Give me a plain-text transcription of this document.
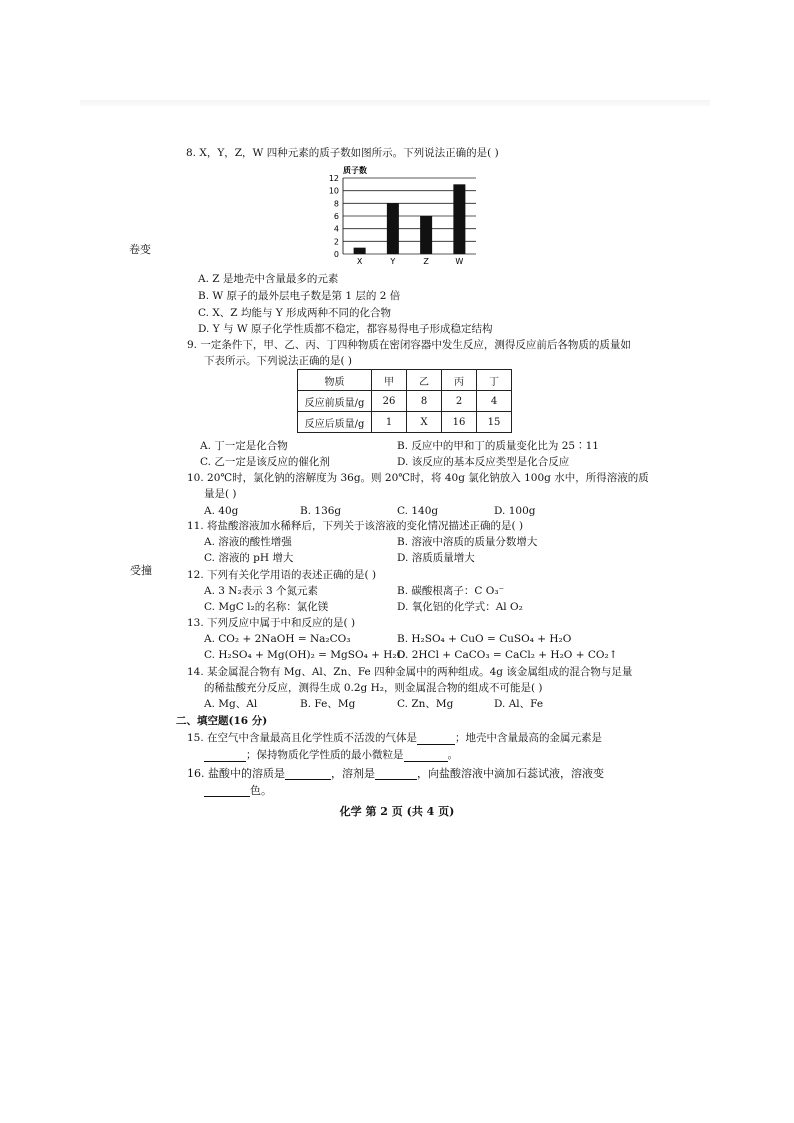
卷变
受撞
8. X，Y，Z，W 四种元素的质子数如图所示。下列说法正确的是( )
质子数
0
2
4
6
8
10
12
X	Y	Z	W
A. Z 是地壳中含量最多的元素
B. W 原子的最外层电子数是第 1 层的 2 倍
C. X、Z 均能与 Y 形成两种不同的化合物
D. Y 与 W 原子化学性质都不稳定，都容易得电子形成稳定结构
9. 一定条件下，甲、乙、丙、丁四种物质在密闭容器中发生反应，测得反应前后各物质的质量如
下表所示。下列说法正确的是( )
物质	甲	乙	丙	丁
反应前质量/g	26	8	2	4
反应后质量/g	1	X	16	15
A. 丁一定是化合物	B. 反应中的甲和丁的质量变化比为 25∶11
C. 乙一定是该反应的催化剂	D. 该反应的基本反应类型是化合反应
10. 20℃时，氯化钠的溶解度为 36g。则 20℃时，将 40g 氯化钠放入 100g 水中，所得溶液的质
量是( )
A. 40g	B. 136g	C. 140g	D. 100g
11. 将盐酸溶液加水稀释后，下列关于该溶液的变化情况描述正确的是( )
A. 溶液的酸性增强	B. 溶液中溶质的质量分数增大
C. 溶液的 pH 增大	D. 溶质质量增大
12. 下列有关化学用语的表述正确的是( )
A. 3 N₂表示 3 个氮元素	B. 碳酸根离子：C O₃⁻
C. MgC l₂的名称：氯化镁	D. 氧化铝的化学式：Al O₂
13. 下列反应中属于中和反应的是( )
A. CO₂ + 2NaOH = Na₂CO₃	B. H₂SO₄ + CuO = CuSO₄ + H₂O
C. H₂SO₄ + Mg(OH)₂ = MgSO₄ + H₂O
D. 2HCl + CaCO₃ = CaCl₂ + H₂O + CO₂↑
14. 某金属混合物有 Mg、Al、Zn、Fe 四种金属中的两种组成。4g 该金属组成的混合物与足量
的稀盐酸充分反应，测得生成 0.2g H₂，则金属混合物的组成不可能是( )
A. Mg、Al	B. Fe、Mg	C. Zn、Mg	D. Al、Fe
二、填空题(16 分)
15. 在空气中含量最高且化学性质不活泼的气体是	；地壳中含量最高的金属元素是
；保持物质化学性质的最小微粒是	。
16. 盐酸中的溶质是	，溶剂是	，向盐酸溶液中滴加石蕊试液，溶液变
色。
化学 第 2 页 (共 4 页)
